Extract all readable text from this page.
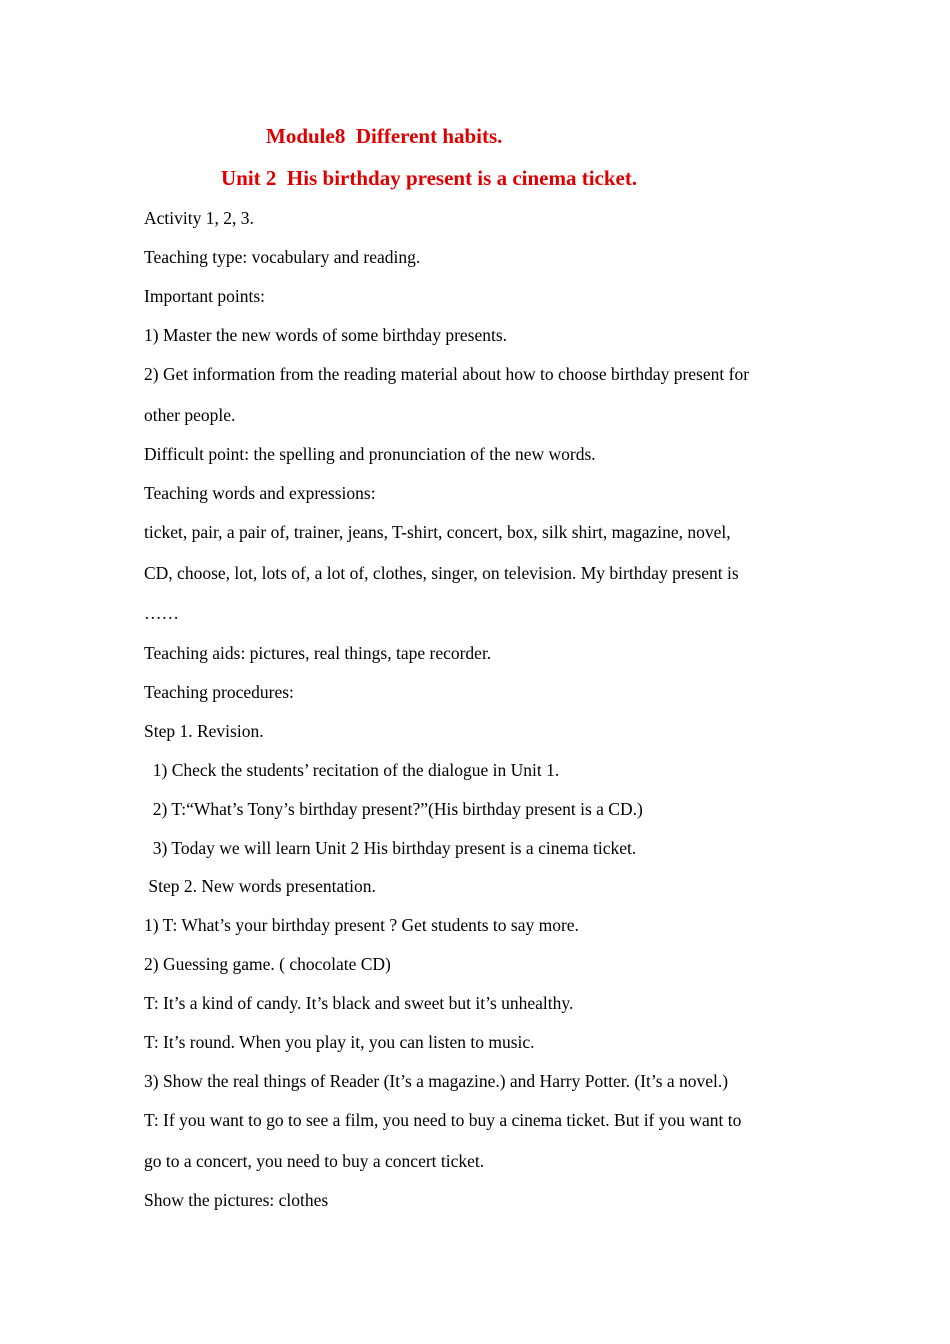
Module8  Different habits.
Unit 2  His birthday present is a cinema ticket.

Activity 1, 2, 3.

Teaching type: vocabulary and reading.

Important points:

1) Master the new words of some birthday presents.

2) Get information from the reading material about how to choose birthday present for

other people.

Difficult point: the spelling and pronunciation of the new words.

Teaching words and expressions:

ticket, pair, a pair of, trainer, jeans, T-shirt, concert, box, silk shirt, magazine, novel,

CD, choose, lot, lots of, a lot of, clothes, singer, on television. My birthday present is

……

Teaching aids: pictures, real things, tape recorder.

Teaching procedures:

Step 1. Revision.

1) Check the students’ recitation of the dialogue in Unit 1.

2) T:“What’s Tony’s birthday present?”(His birthday present is a CD.)

3) Today we will learn Unit 2 His birthday present is a cinema ticket.

Step 2. New words presentation.

1) T: What’s your birthday present ? Get students to say more.

2) Guessing game. ( chocolate CD)

T: It’s a kind of candy. It’s black and sweet but it’s unhealthy.

T: It’s round. When you play it, you can listen to music.

3) Show the real things of Reader (It’s a magazine.) and Harry Potter. (It’s a novel.)

T: If you want to go to see a film, you need to buy a cinema ticket. But if you want to

go to a concert, you need to buy a concert ticket.

Show the pictures: clothes
